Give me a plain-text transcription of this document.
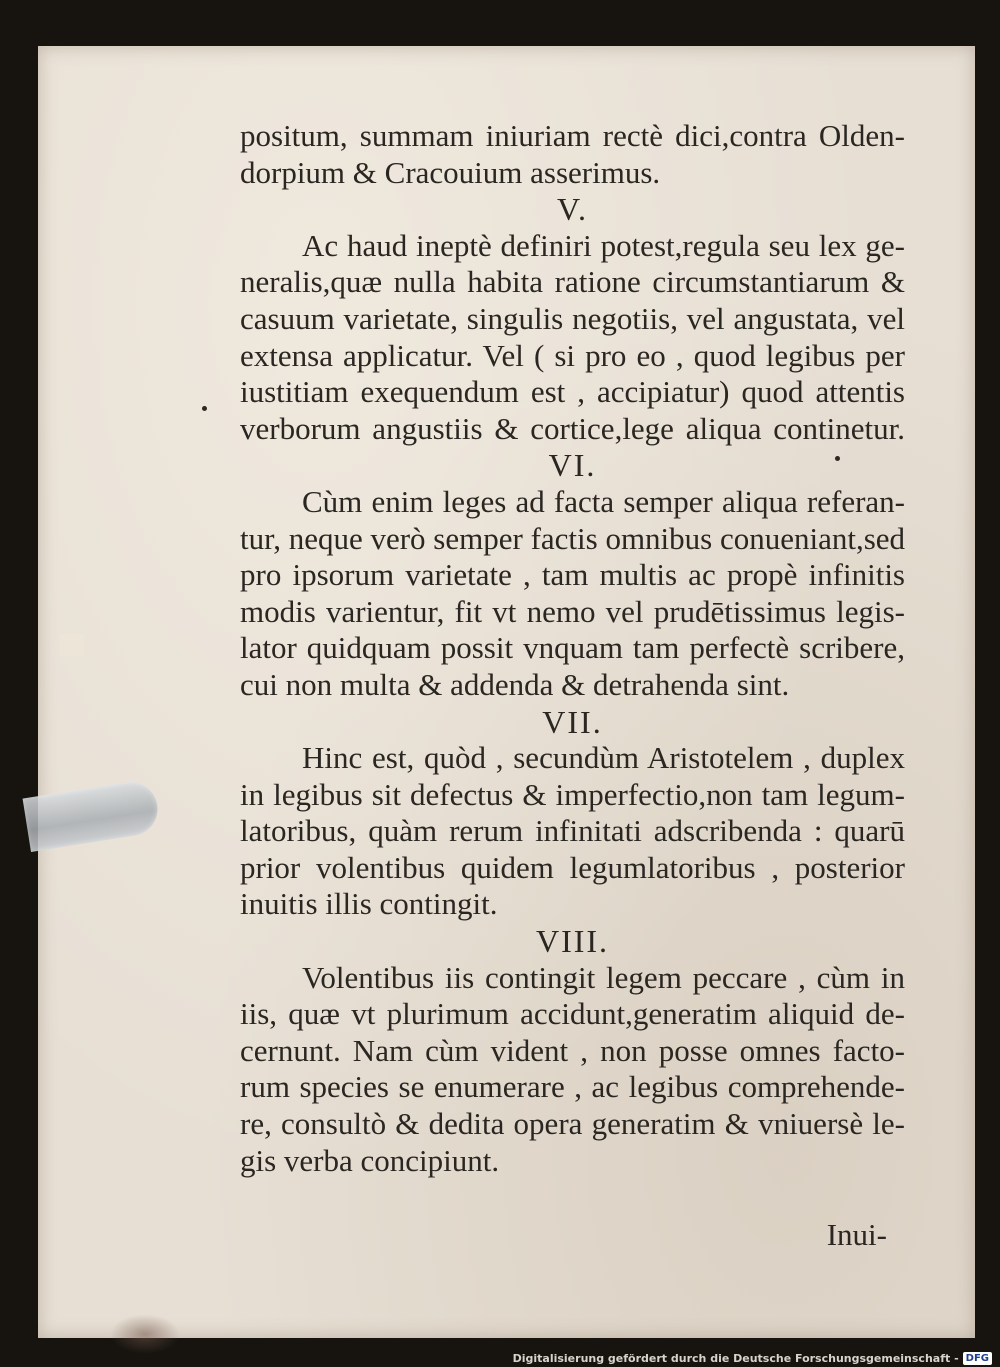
positum, summam iniuriam rectè dici,contra Olden-
dorpium & Cracouium asserimus.
V.
Ac haud ineptè definiri potest,regula seu lex ge-
neralis,quæ nulla habita ratione circumstantiarum &
casuum varietate, singulis negotiis, vel angustata, vel
extensa applicatur. Vel ( si pro eo , quod legibus per
iustitiam exequendum est , accipiatur) quod attentis
verborum angustiis & cortice,lege aliqua continetur.
VI.
Cùm enim leges ad facta semper aliqua referan-
tur, neque verò semper factis omnibus conueniant,sed
pro ipsorum varietate , tam multis ac propè infinitis
modis varientur, fit vt nemo vel prudētissimus legis-
lator quidquam possit vnquam tam perfectè scribere,
cui non multa & addenda & detrahenda sint.
VII.
Hinc est, quòd , secundùm Aristotelem , duplex
in legibus sit defectus & imperfectio,non tam legum-
latoribus, quàm rerum infinitati adscribenda : quarū
prior volentibus quidem legumlatoribus , posterior
inuitis illis contingit.
VIII.
Volentibus iis contingit legem peccare , cùm in
iis, quæ vt plurimum accidunt,generatim aliquid de-
cernunt. Nam cùm vident , non posse omnes facto-
rum species se enumerare , ac legibus comprehende-
re, consultò & dedita opera generatim & vniuersè le-
gis verba concipiunt.
Inui-
Digitalisierung gefördert durch die Deutsche Forschungsgemeinschaft - DFG
